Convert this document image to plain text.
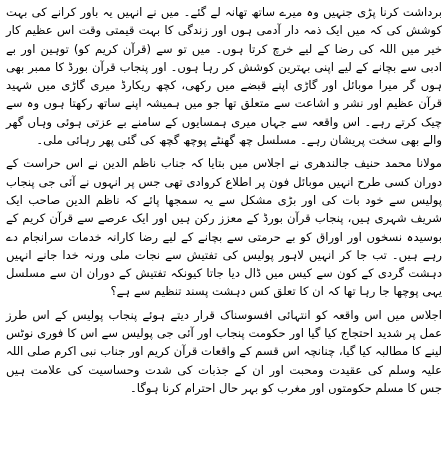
برداشت کرنا پڑی جنہیں وہ میرے ساتھ تھانہ لے گئے۔ میں نے انہیں یہ باور کرانے کی بہت کوشش کی کہ میں ایک ذمہ دار آدمی ہوں اور زندگی کا بہت قیمتی وقت اس عظیم کار خیر میں اللہ کی رضا کے لیے خرچ کرتا ہوں۔ میں تو سے (قرآن کریم کو) توہین اور بے ادبی سے بچانے کے لیے اپنی بہترین کوشش کر رہا ہوں۔ اور پنجاب قرآن بورڈ کا ممبر بھی ہوں گر میرا موبائل اور گاڑی اپنے قبضے میں رکھی، کچھ ریکارڈ میری گاڑی میں شہید قرآن عظیم اور نشر و اشاعت سے متعلق تھا جو میں ہمیشہ اپنے ساتھ رکھتا ہوں وہ سے چیک کرتے رہے۔ اس واقعہ سے جہاں میری ہمسایوں کے سامنے بے عزتی ہوئی وہاں گھر والے بھی سخت پریشان رہے۔ مسلسل چھ گھنٹے پوچھ گچھ کی گئی پھر رہائی ملی۔

مولانا محمد حنیف جالندھری نے اجلاس میں بتایا کہ جناب ناظم الدین نے اس حراست کے دوران کسی طرح انہیں موبائل فون پر اطلاع کروادی تھی جس پر انہوں نے آئی جی پنجاب پولیس سے خود بات کی اور بڑی مشکل سے یہ سمجھا پائے کہ ناظم الدین صاحب ایک شریف شہری ہیں، پنجاب قرآن بورڈ کے معزز رکن ہیں اور ایک عرصے سے قرآن کریم کے بوسیدہ نسخوں اور اوراق کو بے حرمتی سے بچانے کے لیے رضا کارانہ خدمات سرانجام دے رہے ہیں۔ تب جا کر انہیں لاہور پولیس کی تفتیش سے نجات ملی ورنہ خدا جانے انہیں دہشت گردی کے کون سے کیس میں ڈال دیا جاتا کیونکہ تفتیش کے دوران ان سے مسلسل یہی پوچھا جا رہا تھا کہ ان کا تعلق کس دہشت پسند تنظیم سے ہے؟

اجلاس میں اس واقعہ کو انتہائی افسوسناک قرار دیتے ہوئے پنجاب پولیس کے اس طرز عمل پر شدید احتجاج کیا گیا اور حکومت پنجاب اور آئی جی پولیس سے اس کا فوری نوٹس لینے کا مطالبہ کیا گیا، چنانچہ اس قسم کے واقعات قرآن کریم اور جناب نبی اکرم صلی اللہ علیہ وسلم کی عقیدت ومحبت اور ان کے جذبات کی شدت وحساسیت کی علامت ہیں جس کا مسلم حکومتوں اور مغرب کو بہر حال احترام کرنا ہوگا۔
